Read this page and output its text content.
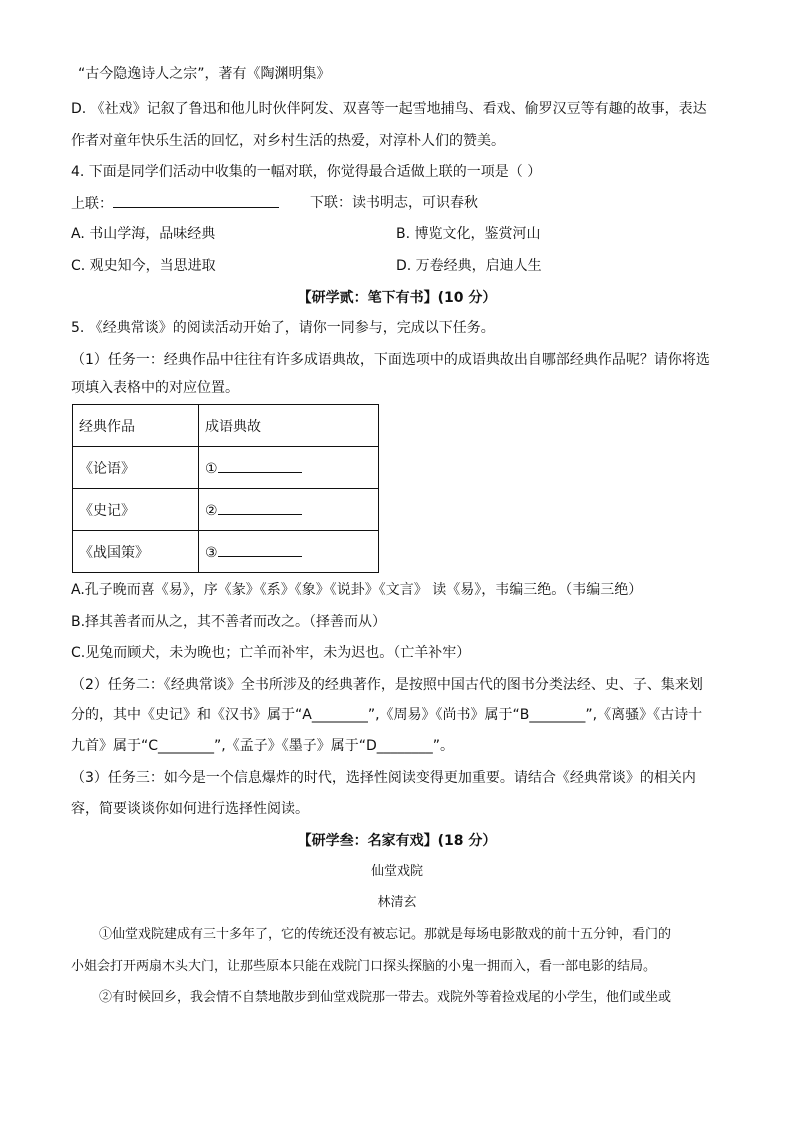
“古今隐逸诗人之宗”，著有《陶渊明集》
D. 《社戏》记叙了鲁迅和他儿时伙伴阿发、双喜等一起雪地捕鸟、看戏、偷罗汉豆等有趣的故事，表达
作者对童年快乐生活的回忆，对乡村生活的热爱，对淳朴人们的赞美。
4. 下面是同学们活动中收集的一幅对联，你觉得最合适做上联的一项是（ ）
上联：	下联：读书明志，可识春秋
A. 书山学海，品味经典	B. 博览文化，鉴赏河山
C. 观史知今，当思进取	D. 万卷经典，启迪人生
【研学贰：笔下有书】(10 分）
5. 《经典常谈》的阅读活动开始了，请你一同参与，完成以下任务。
（1）任务一：经典作品中往往有许多成语典故，下面选项中的成语典故出自哪部经典作品呢？请你将选
项填入表格中的对应位置。
经典作品	成语典故
《论语》	①
《史记》	②
《战国策》	③
A.孔子晚而喜《易》，序《彖》《系》《象》《说卦》《文言》 读《易》，韦编三绝。（韦编三绝）
B.择其善者而从之，其不善者而改之。（择善而从）
C.见兔而顾犬，未为晚也；亡羊而补牢，未为迟也。（亡羊补牢）
（2）任务二：《经典常谈》全书所涉及的经典著作，是按照中国古代的图书分类法经、史、子、集来划
分的，其中《史记》和《汉书》属于“A________”,《周易》《尚书》属于“B________”,《离骚》《古诗十
九首》属于“C________”,《孟子》《墨子》属于“D________”。
（3）任务三：如今是一个信息爆炸的时代，选择性阅读变得更加重要。请结合《经典常谈》的相关内
容，简要谈谈你如何进行选择性阅读。
【研学叁：名家有戏】(18 分）
仙堂戏院
林清玄
①仙堂戏院建成有三十多年了，它的传统还没有被忘记。那就是每场电影散戏的前十五分钟，看门的
小姐会打开两扇木头大门，让那些原本只能在戏院门口探头探脑的小鬼一拥而入，看一部电影的结局。
②有时候回乡，我会情不自禁地散步到仙堂戏院那一带去。戏院外等着捡戏尾的小学生，他们或坐或
